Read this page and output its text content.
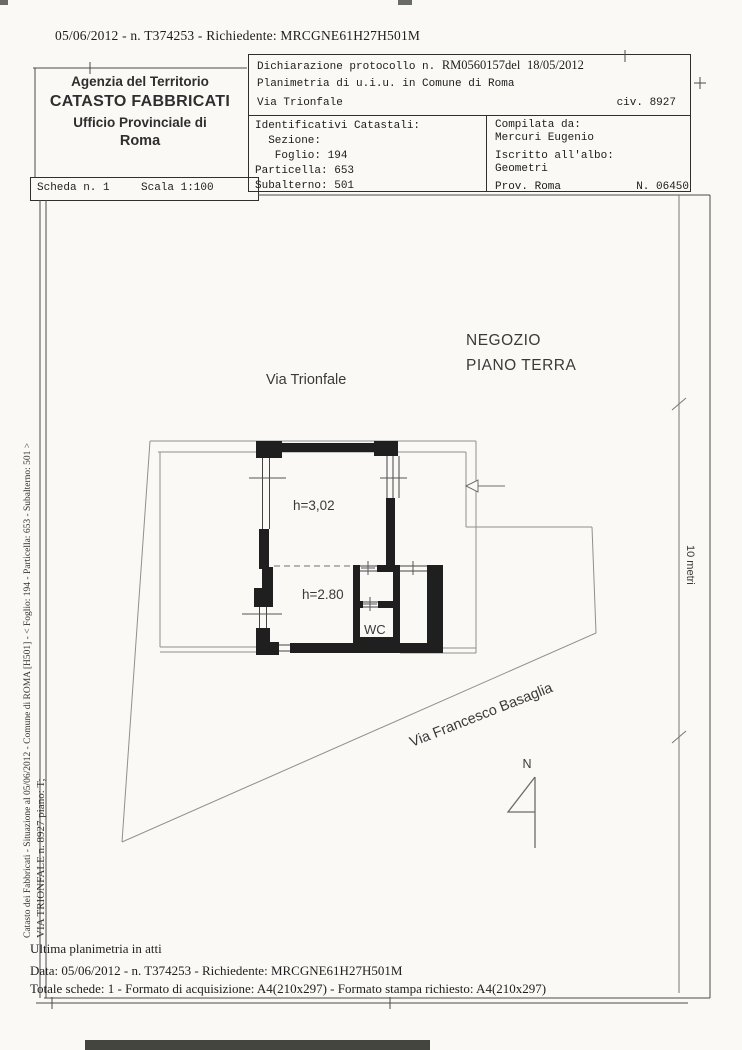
05/06/2012 - n. T374253 - Richiedente: MRCGNE61H27H501M
Agenzia del Territorio
CATASTO FABBRICATI
Ufficio Provinciale di
Roma
Dichiarazione protocollo n. RM0560157del 18/05/2012
Planimetria di u.i.u. in Comune di Roma
Via Trionfale	civ. 8927
Identificativi Catastali:
Sezione:
Foglio: 194
Particella: 653
Subalterno: 501
Compilata da:
Mercuri Eugenio
Iscritto all'albo:
Geometri
Prov. Roma	N. 06450
Scheda n. 1	Scala 1:100
10 metri
NEGOZIO
PIANO TERRA
Via Trionfale
Via Francesco Basaglia
h=3,02
h=2.80
WC
N
Catasto dei Fabbricati - Situazione al 05/06/2012 - Comune di ROMA [H501] - < Foglio: 194 - Particella: 653 - Subalterno: 501 > VIA TRIONFALE n. 8927 piano: T;
Ultima planimetria in atti
Data: 05/06/2012 - n. T374253 - Richiedente: MRCGNE61H27H501M
Totale schede: 1 - Formato di acquisizione: A4(210x297) - Formato stampa richiesto: A4(210x297)
